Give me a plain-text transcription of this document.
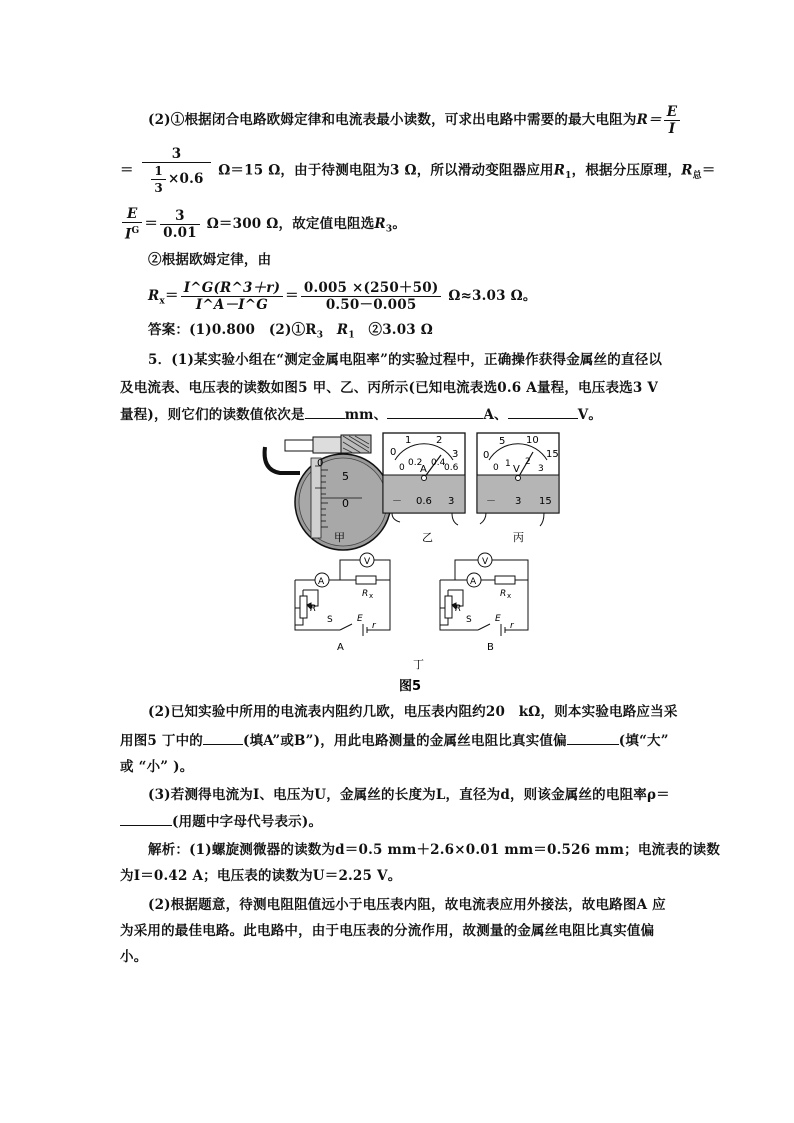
(2)①根据闭合电路欧姆定律和电流表最小读数，可求出电路中需要的最大电阻为$R= \frac{E}{I}$
＝ $\frac{3}{\frac{1}{3} \times 0.6} \Omega=15$ Ω，由于待测电阻为3 Ω，所以滑动变阻器应用$R_1$，根据分压原理，$R_总=$
$\frac{E}{I^G} = \frac{3}{0.01} \Omega=300$ Ω，故定值电阻选$R_3$。
②根据欧姆定律，由
$R_x= \frac{I\^{}G(R\^{}3+r)}{I\^{}A-I\^{}G} = \frac{0.005 \times(250+50)}{0.50-0.005} \Omega\approx 3.03$ Ω。
答案：(1)0.800　$(2)①R_3$　$R_1$　②3.03 Ω
5．(1)某实验小组在“测定金属电阻率”的实验过程中，正确操作获得金属丝的直径以
及电流表、电压表的读数如图5 甲、乙、丙所示(已知电流表选0.6 A量程，电压表选3 V
量程)，则它们的读数值依次是	mm、	A、	V。
5
0
0
0
1 2
3
0.2 0.4
0.6
0 A
－ 0.6 3
0
5 10
15
1 2
3
0 V
－ 3 15
甲	乙	丙
A
V
R x
R
S	E
r
A
A
V
R x
R
S	E
r
B
丁
图5
(2)已知实验中所用的电流表内阻约几欧，电压表内阻约20　kΩ，则本实验电路应当采
用图5 丁中的	(填A”或B”)，用此电路测量的金属丝电阻比真实值偏	(填“大”
或 “小” )。
(3)若测得电流为I、电压为U，金属丝的长度为L，直径为d，则该金属丝的电阻率ρ＝
(用题中字母代号表示)。
解析：(1)螺旋测微器的读数为d＝0.5 mm＋2.6×0.01 mm＝0.526 mm；电流表的读数
为I＝0.42 A；电压表的读数为U＝2.25 V。
(2)根据题意，待测电阻阻值远小于电压表内阻，故电流表应用外接法，故电路图A 应
为采用的最佳电路。此电路中，由于电压表的分流作用，故测量的金属丝电阻比真实值偏
小。
